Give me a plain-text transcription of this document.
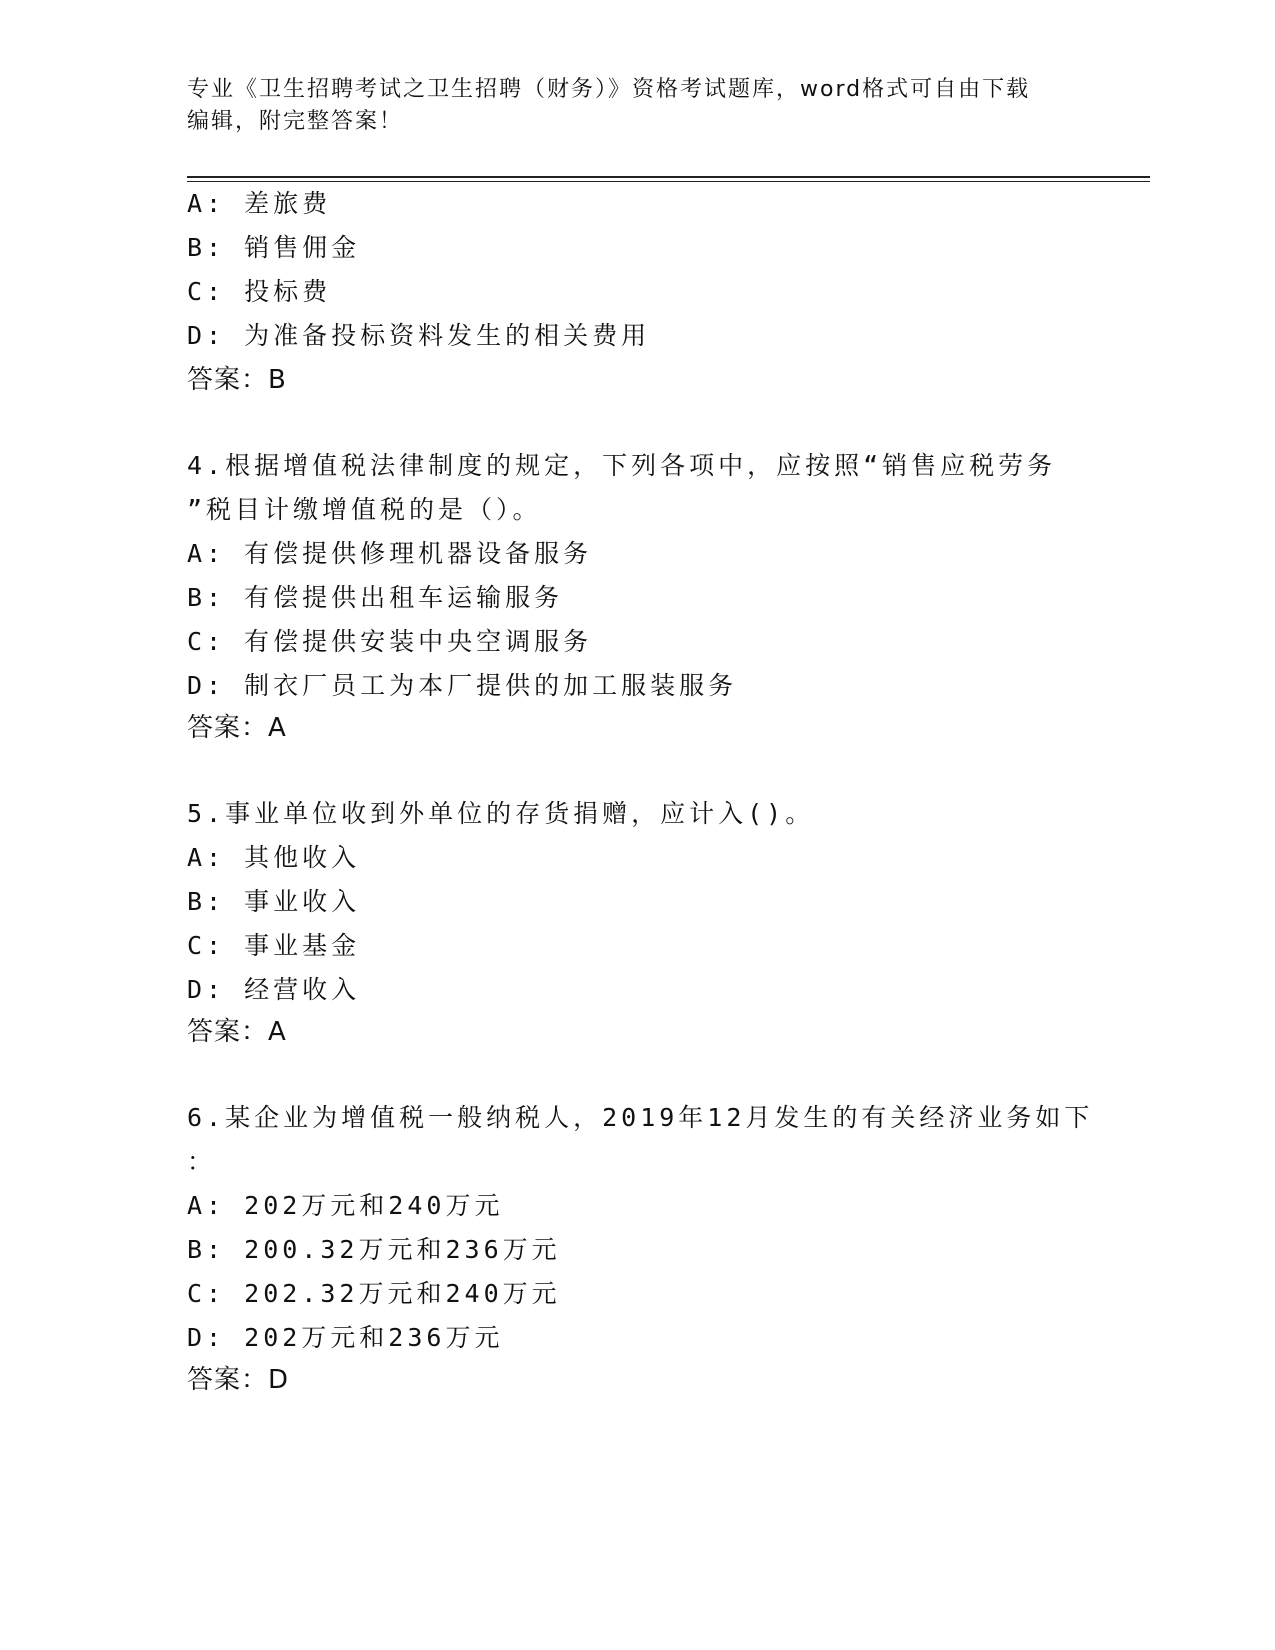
专业《卫生招聘考试之卫生招聘（财务）》资格考试题库，word格式可自由下载
编辑，附完整答案！
A: 差旅费
B: 销售佣金
C: 投标费
D: 为准备投标资料发生的相关费用
答案：B
4.根据增值税法律制度的规定，下列各项中，应按照“销售应税劳务
”税目计缴增值税的是（）。
A: 有偿提供修理机器设备服务
B: 有偿提供出租车运输服务
C: 有偿提供安装中央空调服务
D: 制衣厂员工为本厂提供的加工服装服务
答案：A
5.事业单位收到外单位的存货捐赠，应计入()。
A: 其他收入
B: 事业收入
C: 事业基金
D: 经营收入
答案：A
6.某企业为增值税一般纳税人，2019年12月发生的有关经济业务如下
：
A: 202万元和240万元
B: 200.32万元和236万元
C: 202.32万元和240万元
D: 202万元和236万元
答案：D
